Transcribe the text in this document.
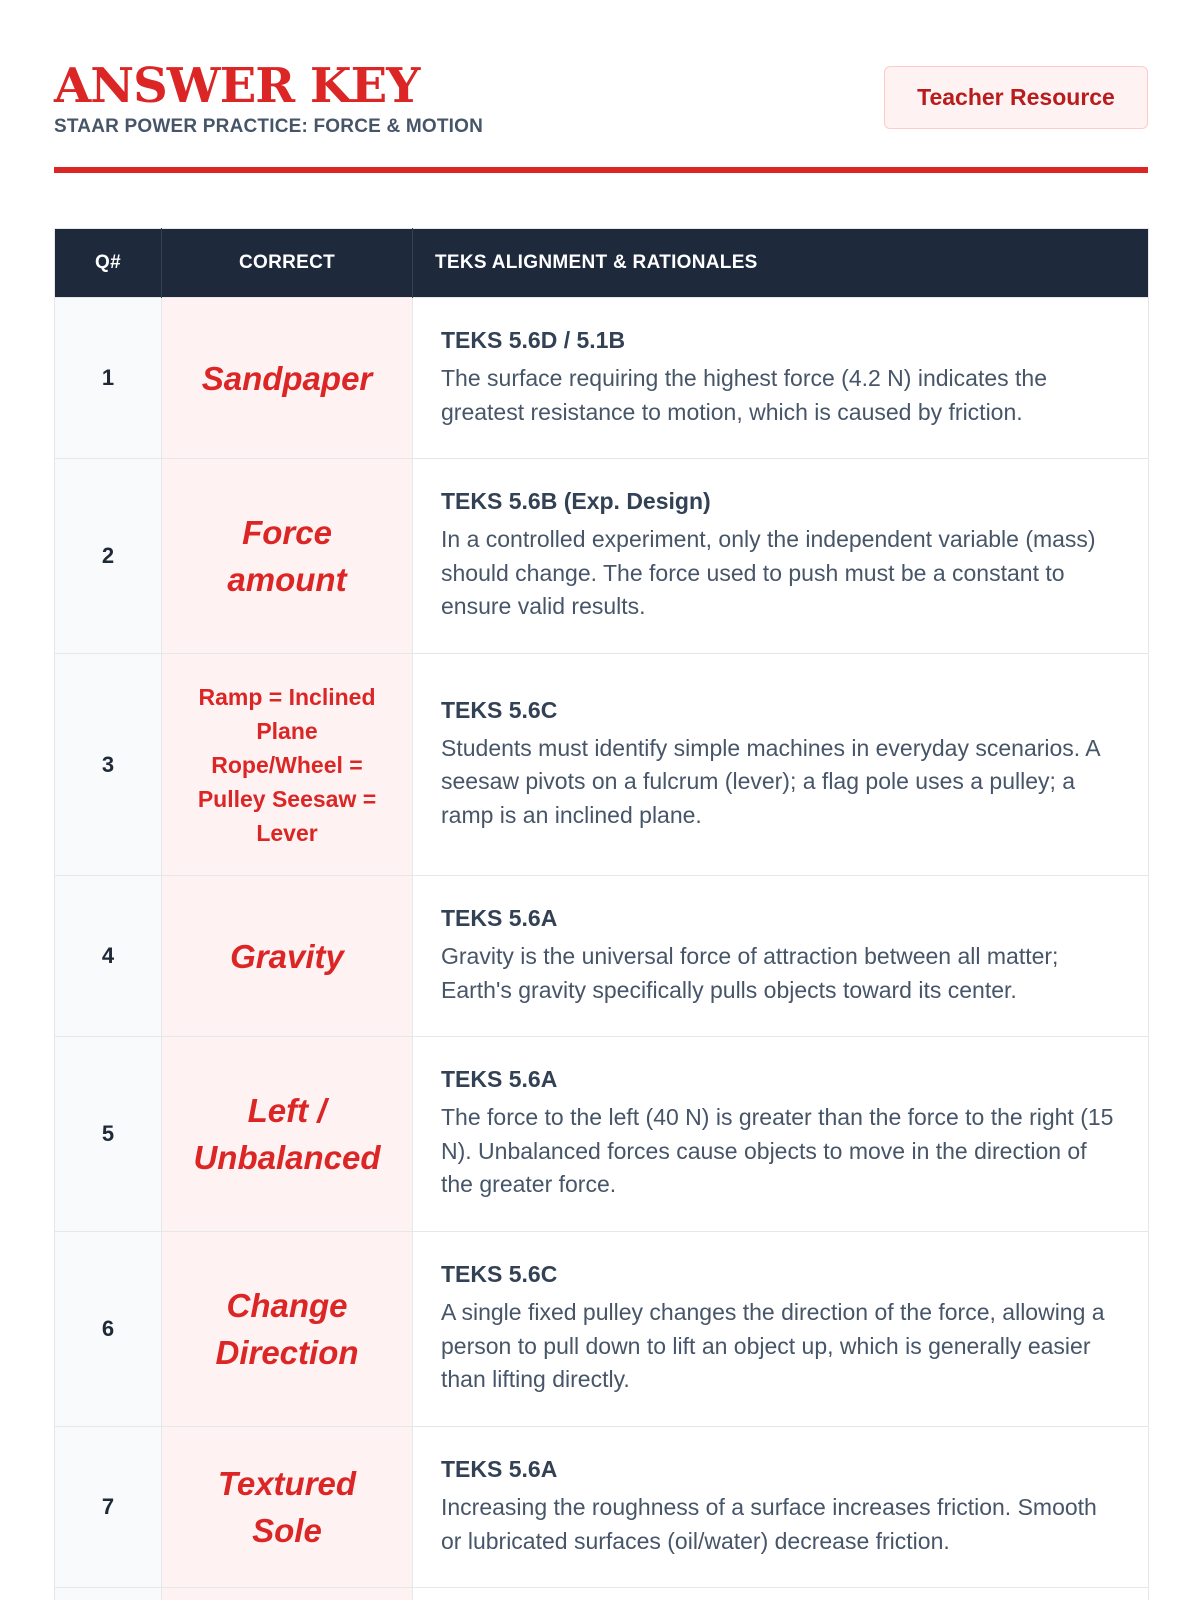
ANSWER KEY
STAAR POWER PRACTICE: FORCE & MOTION
Teacher Resource
Q#	CORRECT	TEKS ALIGNMENT & RATIONALES
1	Sandpaper	TEKS 5.6D / 5.1B
The surface requiring the highest force (4.2 N) indicates the greatest resistance to motion, which is caused by friction.

2	Force amount	TEKS 5.6B (Exp. Design)
In a controlled experiment, only the independent variable (mass) should change. The force used to push must be a constant to ensure valid results.

3	Ramp = Inclined Plane Rope/Wheel = Pulley Seesaw = Lever	TEKS 5.6C
Students must identify simple machines in everyday scenarios. A seesaw pivots on a fulcrum (lever); a flag pole uses a pulley; a ramp is an inclined plane.

4	Gravity	TEKS 5.6A
Gravity is the universal force of attraction between all matter; Earth's gravity specifically pulls objects toward its center.

5	Left / Unbalanced	TEKS 5.6A
The force to the left (40 N) is greater than the force to the right (15 N). Unbalanced forces cause objects to move in the direction of the greater force.

6	Change Direction	TEKS 5.6C
A single fixed pulley changes the direction of the force, allowing a person to pull down to lift an object up, which is generally easier than lifting directly.

7	Textured Sole	TEKS 5.6A
Increasing the roughness of a surface increases friction. Smooth or lubricated surfaces (oil/water) decrease friction.
